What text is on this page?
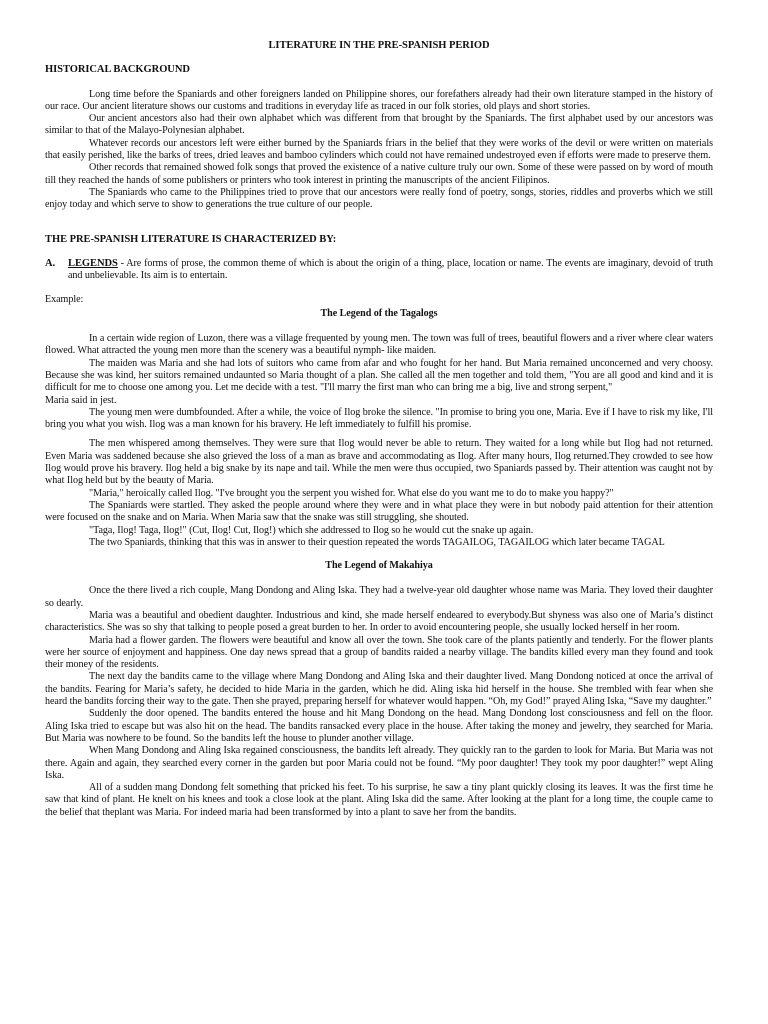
LITERATURE IN THE PRE-SPANISH PERIOD
HISTORICAL BACKGROUND

Long time before the Spaniards and other foreigners landed on Philippine shores, our forefathers already had their own literature stamped in the history of our race. Our ancient literature shows our customs and traditions in everyday life as traced in our folk stories, old plays and short stories.

Our ancient ancestors also had their own alphabet which was different from that brought by the Spaniards. The first alphabet used by our ancestors was similar to that of the Malayo-Polynesian alphabet.

Whatever records our ancestors left were either burned by the Spaniards friars in the belief that they were works of the devil or were written on materials that easily perished, like the barks of trees, dried leaves and bamboo cylinders which could not have remained undestroyed even if efforts were made to preserve them.

Other records that remained showed folk songs that proved the existence of a native culture truly our own. Some of these were passed on by word of mouth till they reached the hands of some publishers or printers who took interest in printing the manuscripts of the ancient Filipinos.

The Spaniards who came to the Philippines tried to prove that our ancestors were really fond of poetry, songs, stories, riddles and proverbs which we still enjoy today and which serve to show to generations the true culture of our people.

THE PRE-SPANISH LITERATURE IS CHARACTERIZED BY:
A.	LEGENDS - Are forms of prose, the common theme of which is about the origin of a thing, place, location or name. The events are imaginary, devoid of truth and unbelievable. Its aim is to entertain.
Example:
The Legend of the Tagalogs

In a certain wide region of Luzon, there was a village frequented by young men. The town was full of trees, beautiful flowers and a river where clear waters flowed. What attracted the young men more than the scenery was a beautiful nymph- like maiden.

The maiden was Maria and she had lots of suitors who came from afar and who fought for her hand. But Maria remained unconcerned and very choosy. Because she was kind, her suitors remained undaunted so Maria thought of a plan. She called all the men together and told them, "You are all good and kind and it is difficult for me to choose one among you. Let me decide with a test. "I'll marry the first man who can bring me a big, live and strong serpent,"

Maria said in jest.

The young men were dumbfounded. After a while, the voice of Ilog broke the silence. "In promise to bring you one, Maria. Eve if I have to risk my like, I'll bring you what you wish. Ilog was a man known for his bravery. He left immediately to fulfill his promise.

The men whispered among themselves. They were sure that Ilog would never be able to return. They waited for a long while but Ilog had not returned. Even Maria was saddened because she also grieved the loss of a man as brave and accommodating as Ilog. After many hours, Ilog returned.They crowded to see how Ilog would prove his bravery. Ilog held a big snake by its nape and tail. While the men were thus occupied, two Spaniards passed by. Their attention was caught not by what Ilog held but by the beauty of Maria.

"Maria," heroically called Ilog. "I've brought you the serpent you wished for. What else do you want me to do to make you happy?"

The Spaniards were startled. They asked the people around where they were and in what place they were in but nobody paid attention for their attention were focused on the snake and on Maria. When Maria saw that the snake was still struggling, she shouted.

"Taga, Ilog! Taga, Ilog!" (Cut, Ilog! Cut, Ilog!) which she addressed to Ilog so he would cut the snake up again.

The two Spaniards, thinking that this was in answer to their question repeated the words TAGAILOG, TAGAILOG which later became TAGAL

The Legend of Makahiya

Once the there lived a rich couple, Mang Dondong and Aling Iska. They had a twelve-year old daughter whose name was Maria. They loved their daughter so dearly.

Maria was a beautiful and obedient daughter. Industrious and kind, she made herself endeared to everybody.But shyness was also one of Maria’s distinct characteristics. She was so shy that talking to people posed a great burden to her. In order to avoid encountering people, she usually locked herself in her room.

Maria had a flower garden. The flowers were beautiful and know all over the town. She took care of the plants patiently and tenderly. For the flower plants were her source of enjoyment and happiness. One day news spread that a group of bandits raided a nearby village. The bandits killed every man they found and took their money of the residents.

The next day the bandits came to the village where Mang Dondong and Aling Iska and their daughter lived. Mang Dondong noticed at once the arrival of the bandits. Fearing for Maria’s safety, he decided to hide Maria in the garden, which he did. Aling iska hid herself in the house. She trembled with fear when she heard the bandits forcing their way to the gate. Then she prayed, preparing herself for whatever would happen. “Oh, my God!” prayed Aling Iska, “Save my daughter.”

Suddenly the door opened. The bandits entered the house and hit Mang Dondong on the head. Mang Dondong lost consciousness and fell on the floor. Aling Iska tried to escape but was also hit on the head. The bandits ransacked every place in the house. After taking the money and jewelry, they searched for Maria. But Maria was nowhere to be found. So the bandits left the house to plunder another village.

When Mang Dondong and Aling Iska regained consciousness, the bandits left already. They quickly ran to the garden to look for Maria. But Maria was not there. Again and again, they searched every corner in the garden but poor Maria could not be found. “My poor daughter! They took my poor daughter!” wept Aling Iska.

All of a sudden mang Dondong felt something that pricked his feet. To his surprise, he saw a tiny plant quickly closing its leaves. It was the first time he saw that kind of plant. He knelt on his knees and took a close look at the plant. Aling Iska did the same. After looking at the plant for a long time, the couple came to the belief that theplant was Maria. For indeed maria had been transformed by into a plant to save her from the bandits.
